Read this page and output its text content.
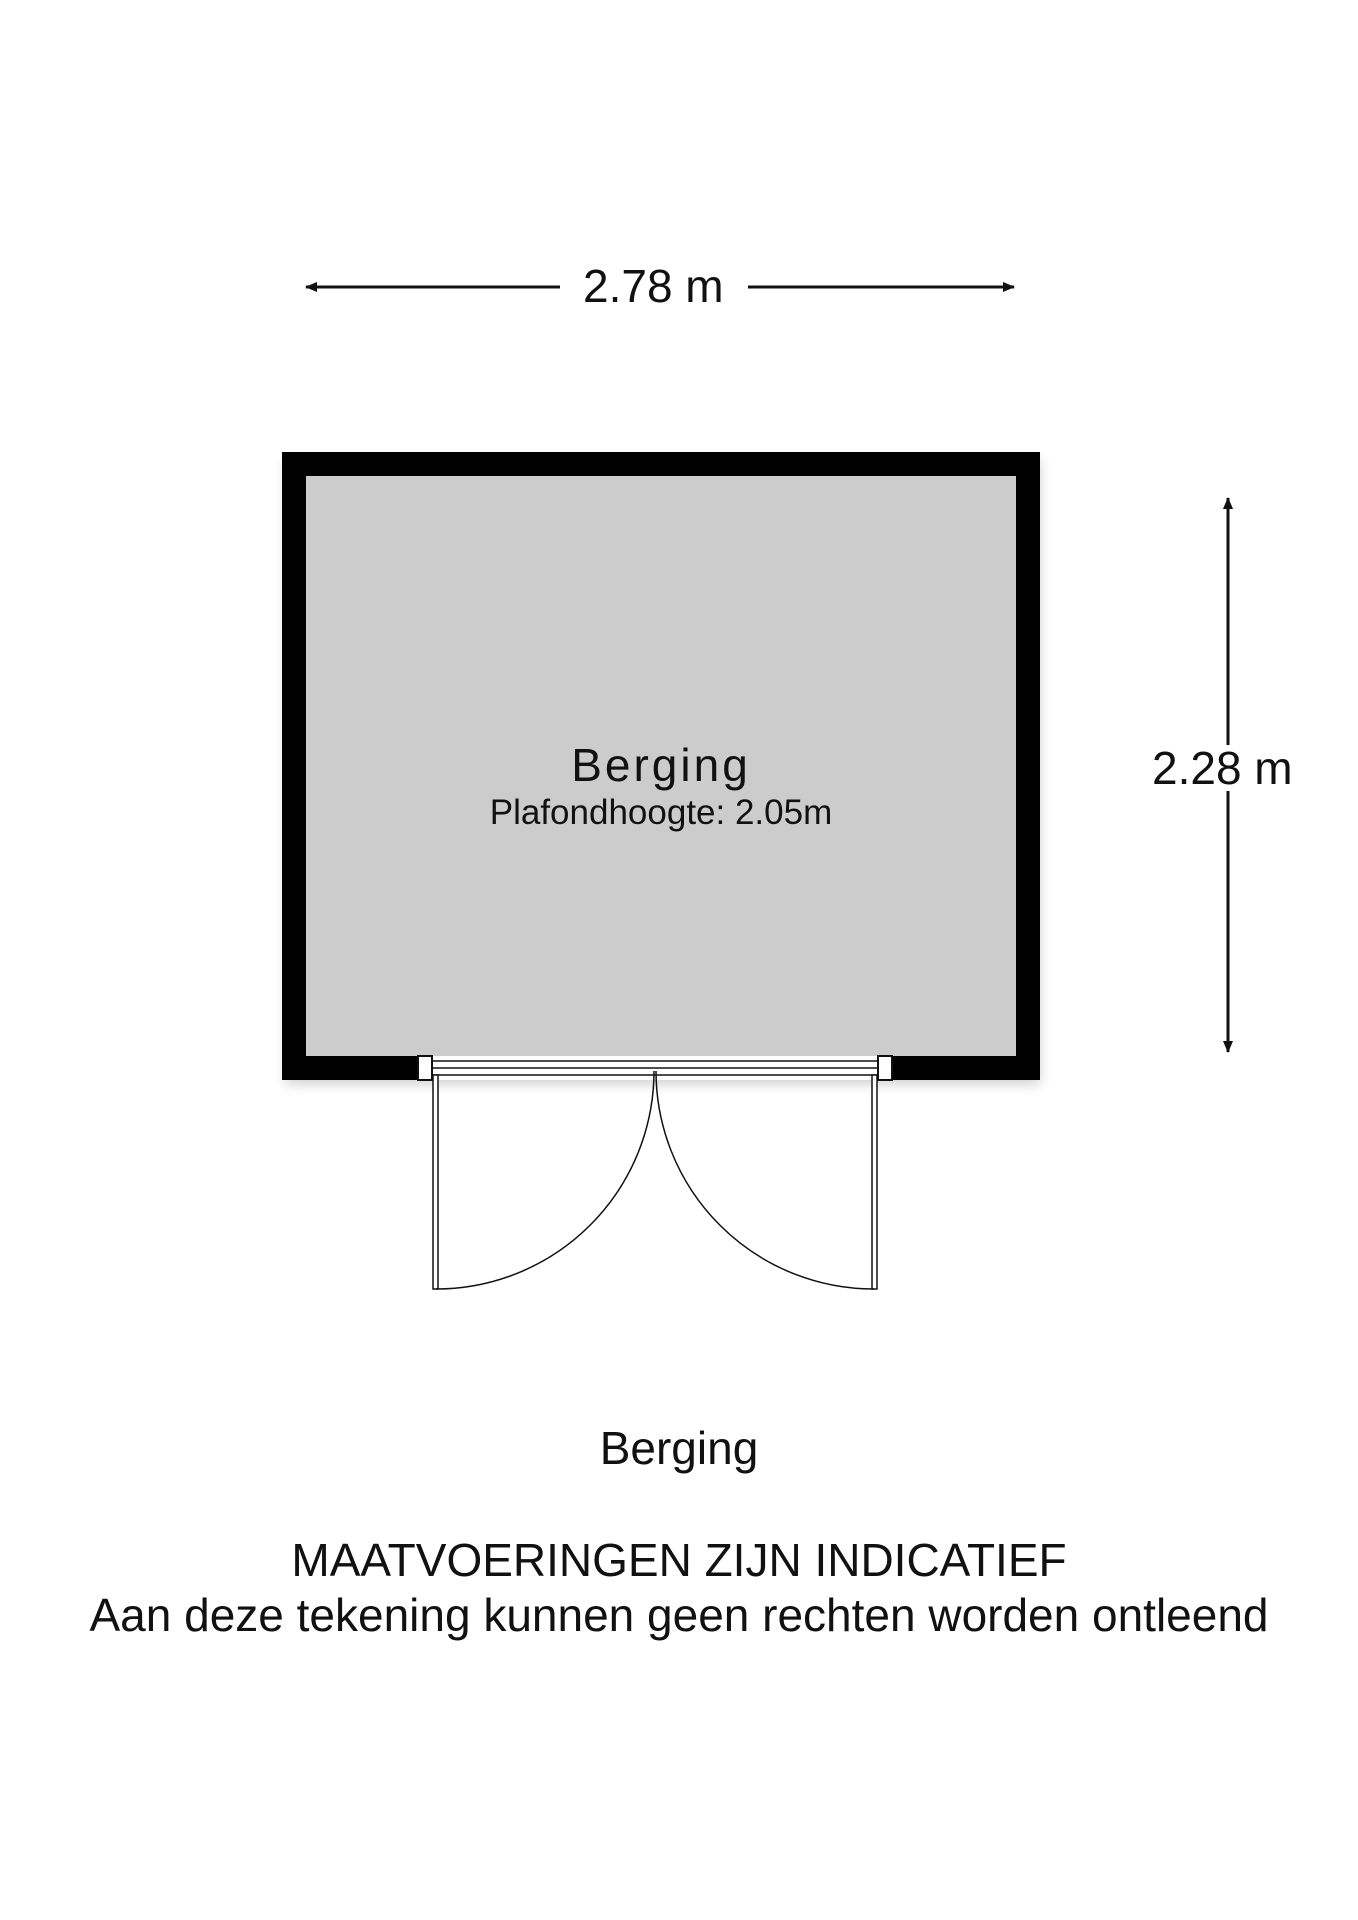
2.78 m
2.28 m
Berging
Plafondhoogte: 2.05m
Berging
MAATVOERINGEN ZIJN INDICATIEF
Aan deze tekening kunnen geen rechten worden ontleend
